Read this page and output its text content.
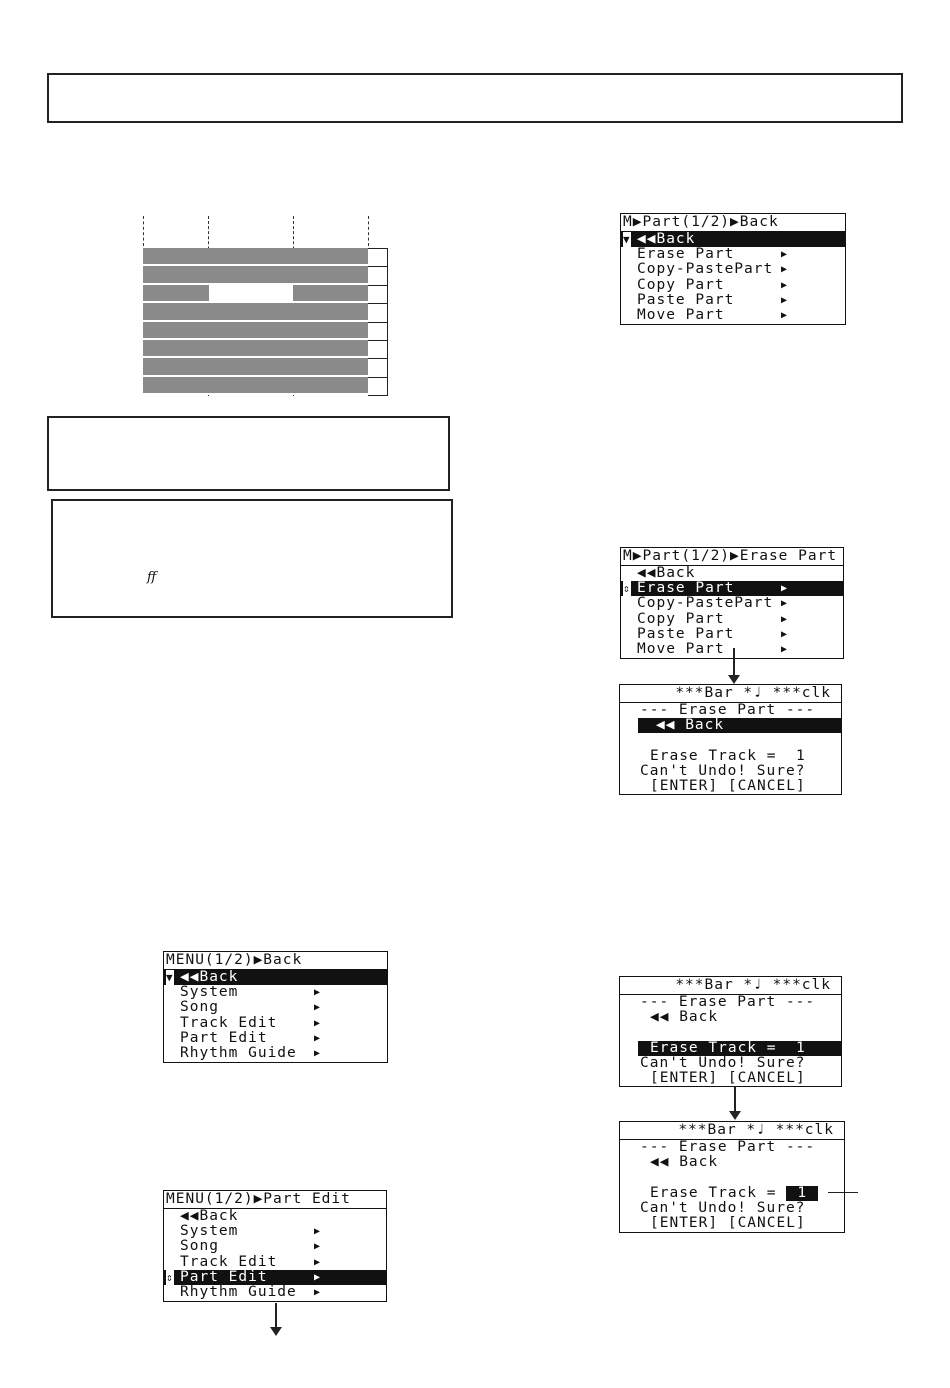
ff
M▶Part(1/2)▶Back
▼ ◀◀Back
Erase Part	▶
Copy-PastePart ▶
Copy Part	▶
Paste Part	▶
Move Part	▶
M▶Part(1/2)▶Erase Part
◀◀Back
⇕ Erase Part	▶
Copy-PastePart ▶
Copy Part	▶
Paste Part	▶
Move Part	▶
***Bar *♩ ***clk
--- Erase Part ---
◀◀ Back
Erase Track =  1
Can't Undo! Sure?
[ENTER] [CANCEL]
MENU(1/2)▶Back
▼ ◀◀Back
System	▶
Song	▶
Track Edit	▶
Part Edit	▶
Rhythm Guide ▶
***Bar *♩ ***clk
--- Erase Part ---
◀◀ Back
Erase Track =  1
Can't Undo! Sure?
[ENTER] [CANCEL]
***Bar *♩ ***clk
--- Erase Part ---
◀◀ Back
Erase Track = 1
Can't Undo! Sure?
[ENTER] [CANCEL]
MENU(1/2)▶Part Edit
◀◀Back
System	▶
Song	▶
Track Edit	▶
⇕ Part Edit	▶
Rhythm Guide ▶
